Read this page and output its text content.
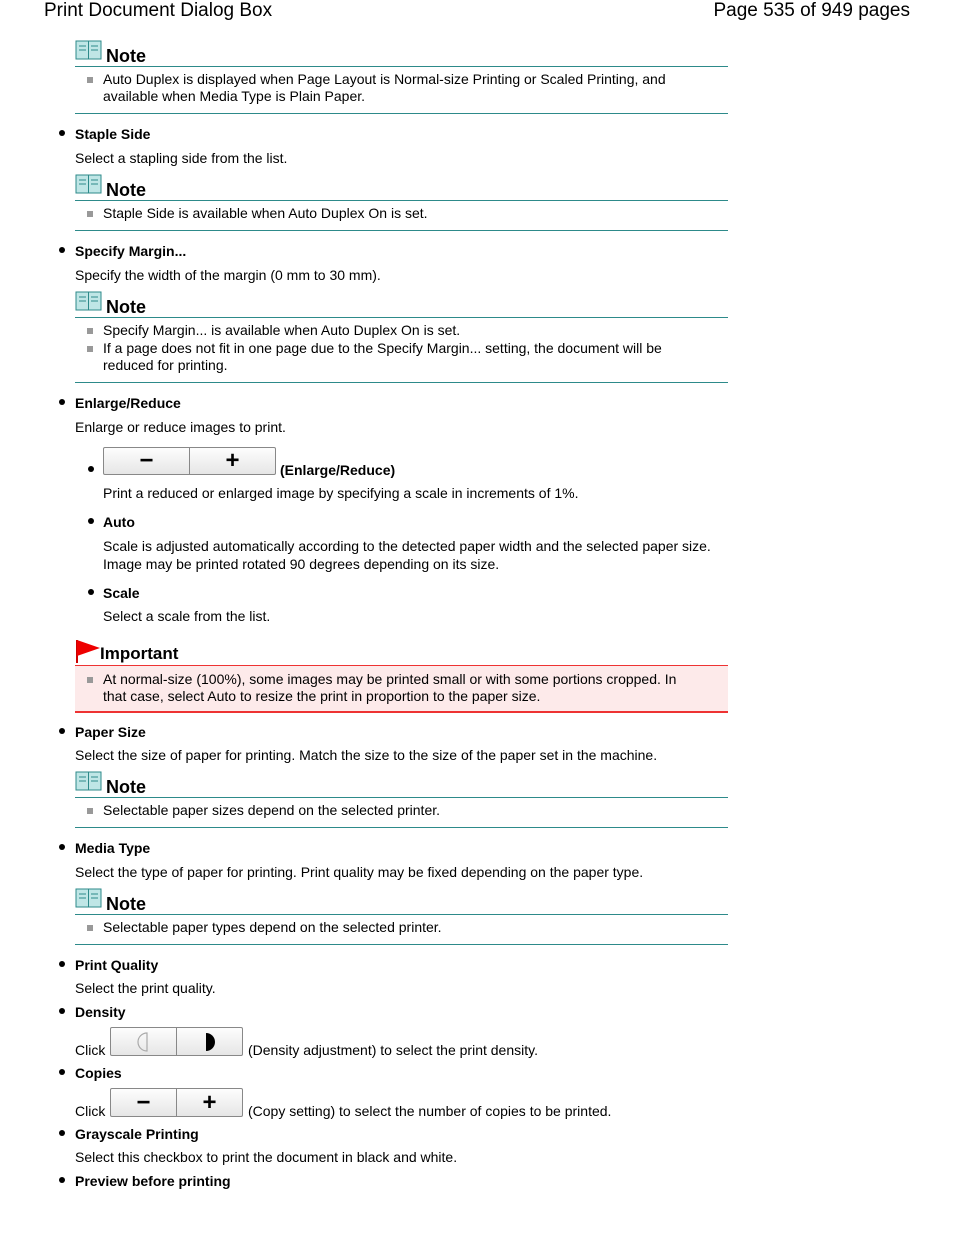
Print Document Dialog Box	Page 535 of 949 pages
Note
Auto Duplex is displayed when Page Layout is Normal-size Printing or Scaled Printing, and
available when Media Type is Plain Paper.
Staple Side
Select a stapling side from the list.
Note
Staple Side is available when Auto Duplex On is set.
Specify Margin...
Specify the width of the margin (0 mm to 30 mm).
Note
Specify Margin... is available when Auto Duplex On is set.
If a page does not fit in one page due to the Specify Margin... setting, the document will be
reduced for printing.
Enlarge/Reduce
Enlarge or reduce images to print.
−	+	(Enlarge/Reduce)
Print a reduced or enlarged image by specifying a scale in increments of 1%.
Auto
Scale is adjusted automatically according to the detected paper width and the selected paper size.
Image may be printed rotated 90 degrees depending on its size.
Scale
Select a scale from the list.
Important
At normal-size (100%), some images may be printed small or with some portions cropped. In
that case, select Auto to resize the print in proportion to the paper size.
Paper Size
Select the size of paper for printing. Match the size to the size of the paper set in the machine.
Note
Selectable paper sizes depend on the selected printer.
Media Type
Select the type of paper for printing. Print quality may be fixed depending on the paper type.
Note
Selectable paper types depend on the selected printer.
Print Quality
Select the print quality.
Density
Click	(Density adjustment) to select the print density.
Copies
Click − + (Copy setting) to select the number of copies to be printed.
Grayscale Printing
Select this checkbox to print the document in black and white.
Preview before printing
